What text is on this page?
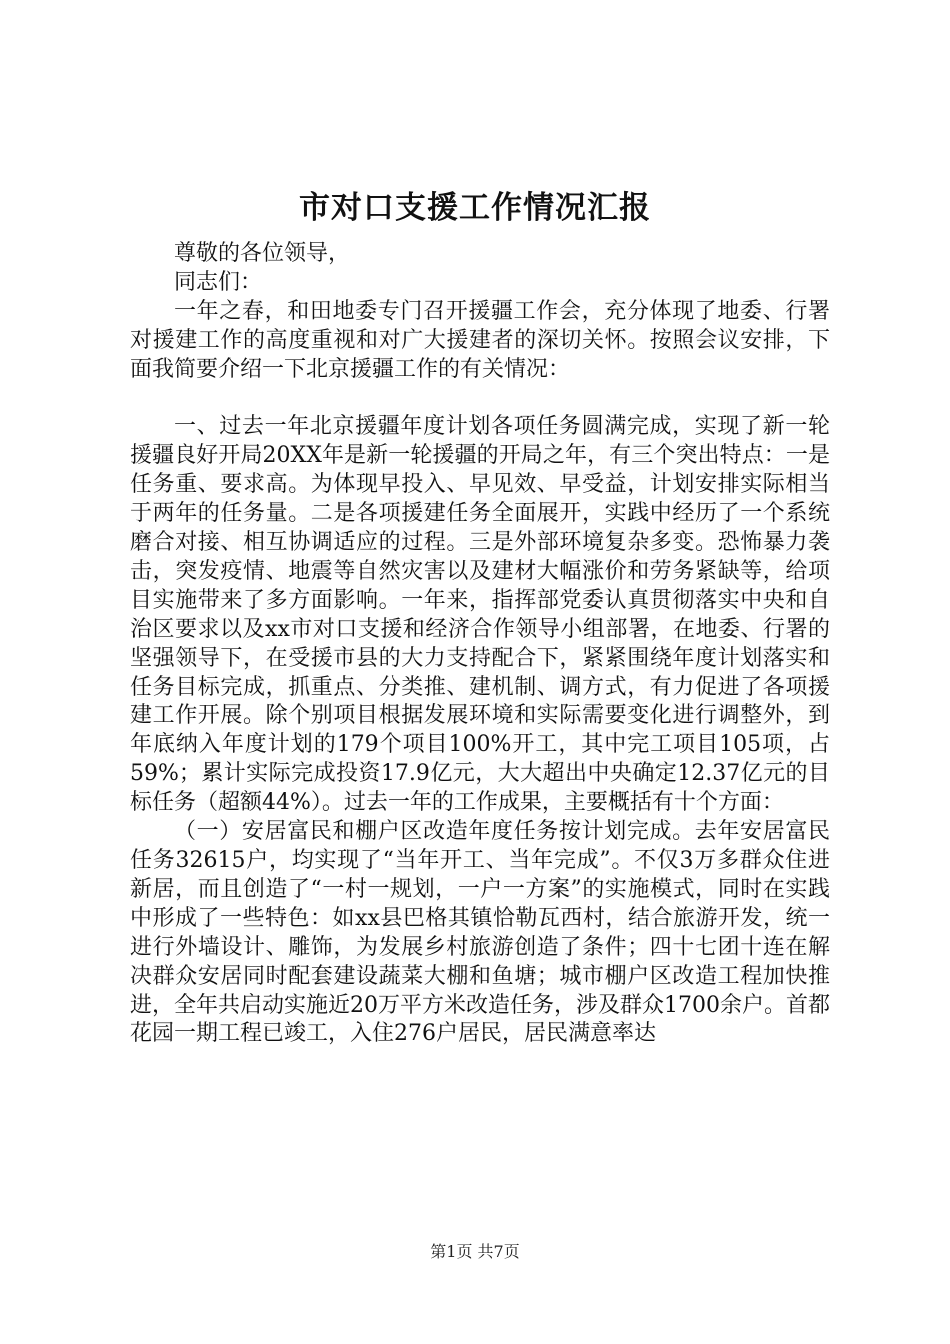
市对口支援工作情况汇报

尊敬的各位领导，

同志们：

一年之春，和田地委专门召开援疆工作会，充分体现了地委、行署对援建工作的高度重视和对广大援建者的深切关怀。按照会议安排，下面我简要介绍一下北京援疆工作的有关情况：

一、过去一年北京援疆年度计划各项任务圆满完成，实现了新一轮援疆良好开局20XX年是新一轮援疆的开局之年，有三个突出特点：一是任务重、要求高。为体现早投入、早见效、早受益，计划安排实际相当于两年的任务量。二是各项援建任务全面展开，实践中经历了一个系统磨合对接、相互协调适应的过程。三是外部环境复杂多变。恐怖暴力袭击，突发疫情、地震等自然灾害以及建材大幅涨价和劳务紧缺等，给项目实施带来了多方面影响。一年来，指挥部党委认真贯彻落实中央和自治区要求以及xx市对口支援和经济合作领导小组部署，在地委、行署的坚强领导下，在受援市县的大力支持配合下，紧紧围绕年度计划落实和任务目标完成，抓重点、分类推、建机制、调方式，有力促进了各项援建工作开展。除个别项目根据发展环境和实际需要变化进行调整外，到年底纳入年度计划的179个项目100%开工，其中完工项目105项，占59%；累计实际完成投资17.9亿元，大大超出中央确定12.37亿元的目标任务（超额44%）。过去一年的工作成果，主要概括有十个方面：

（一）安居富民和棚户区改造年度任务按计划完成。去年安居富民任务32615户，均实现了“当年开工、当年完成”。不仅3万多群众住进新居，而且创造了“一村一规划，一户一方案”的实施模式，同时在实践中形成了一些特色：如xx县巴格其镇恰勒瓦西村，结合旅游开发，统一进行外墙设计、雕饰，为发展乡村旅游创造了条件；四十七团十连在解决群众安居同时配套建设蔬菜大棚和鱼塘；城市棚户区改造工程加快推进，全年共启动实施近20万平方米改造任务，涉及群众1700余户。首都花园一期工程已竣工，入住276户居民，居民满意率达

第1页 共7页
